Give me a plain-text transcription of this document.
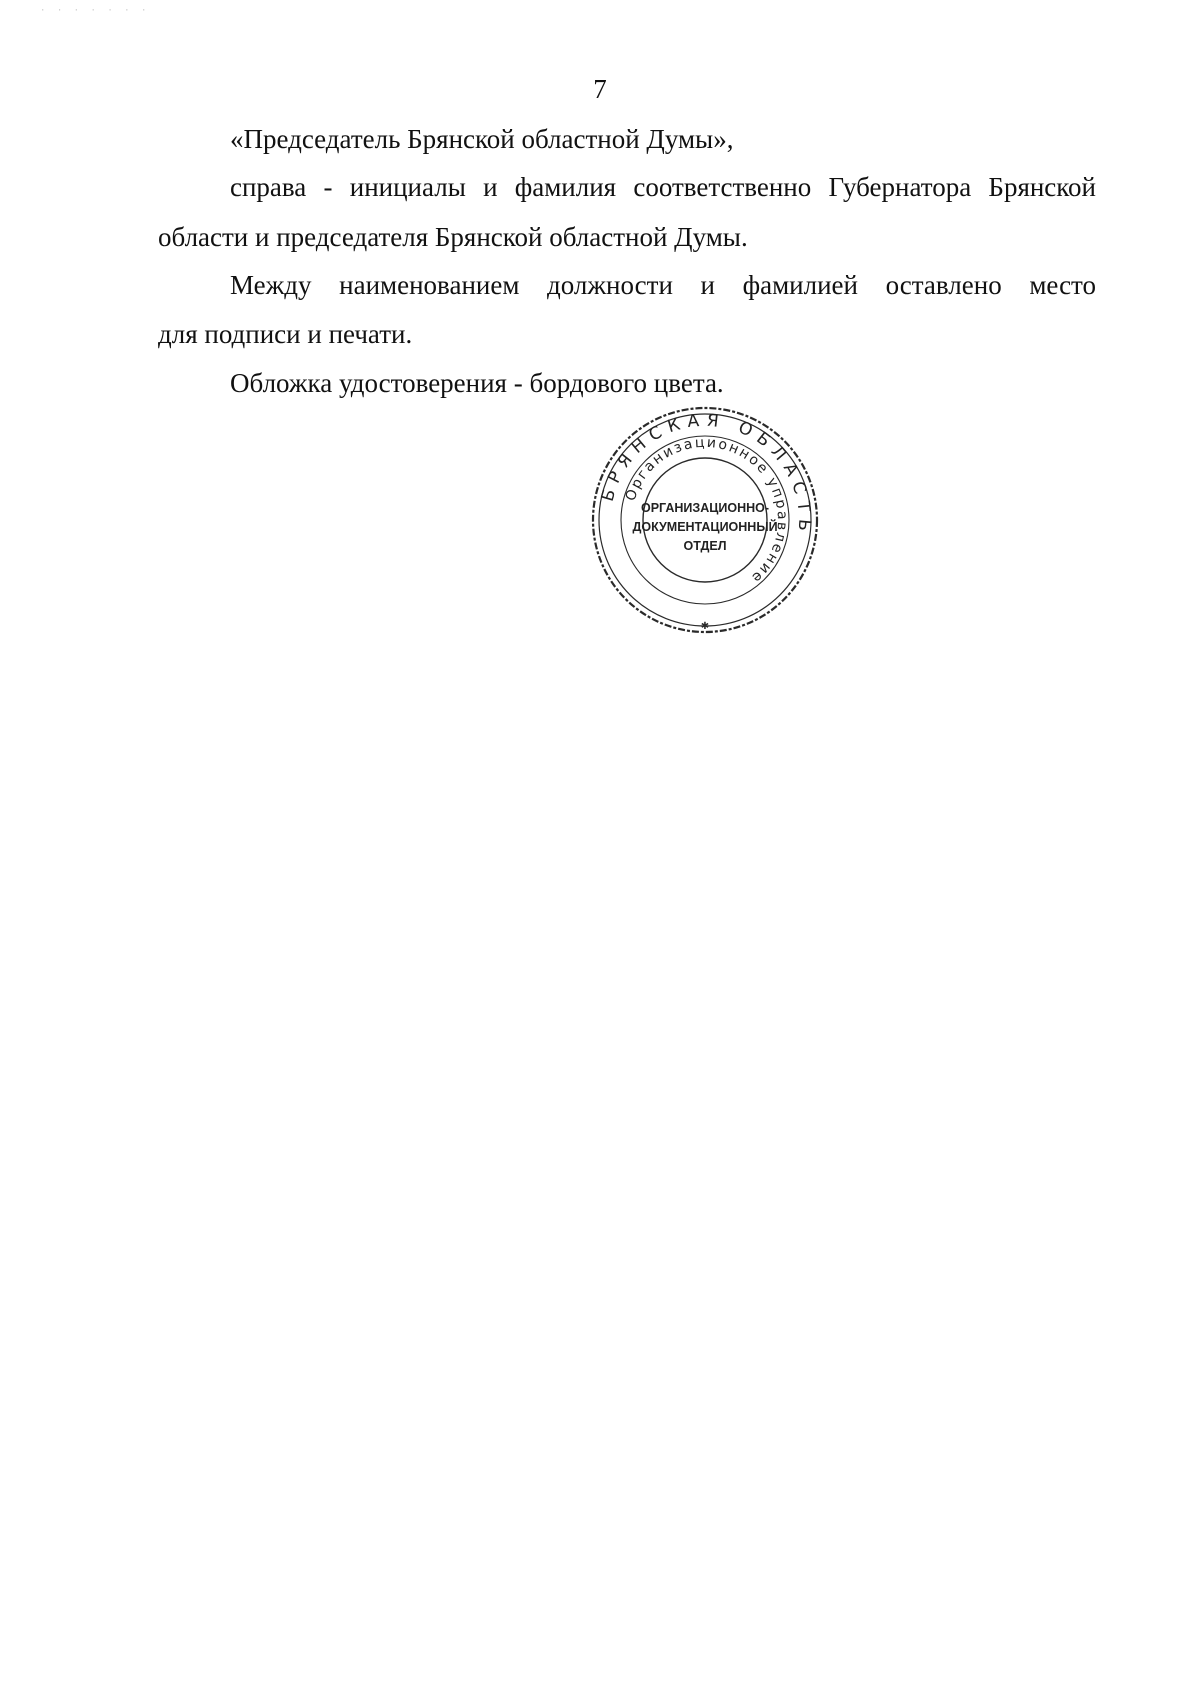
· · · · · · ·
7
«Председатель Брянской областной Думы»,
справа - инициалы и фамилия соответственно Губернатора Брянской
области и председателя Брянской областной Думы.
Между наименованием должности и фамилией оставлено место
для подписи и печати.
Обложка удостоверения - бордового цвета.
БРЯНСКАЯ ОБЛАСТЬ
Организационное управление
ОРГАНИЗАЦИОННО-
ДОКУМЕНТАЦИОННЫЙ
ОТДЕЛ
✱
